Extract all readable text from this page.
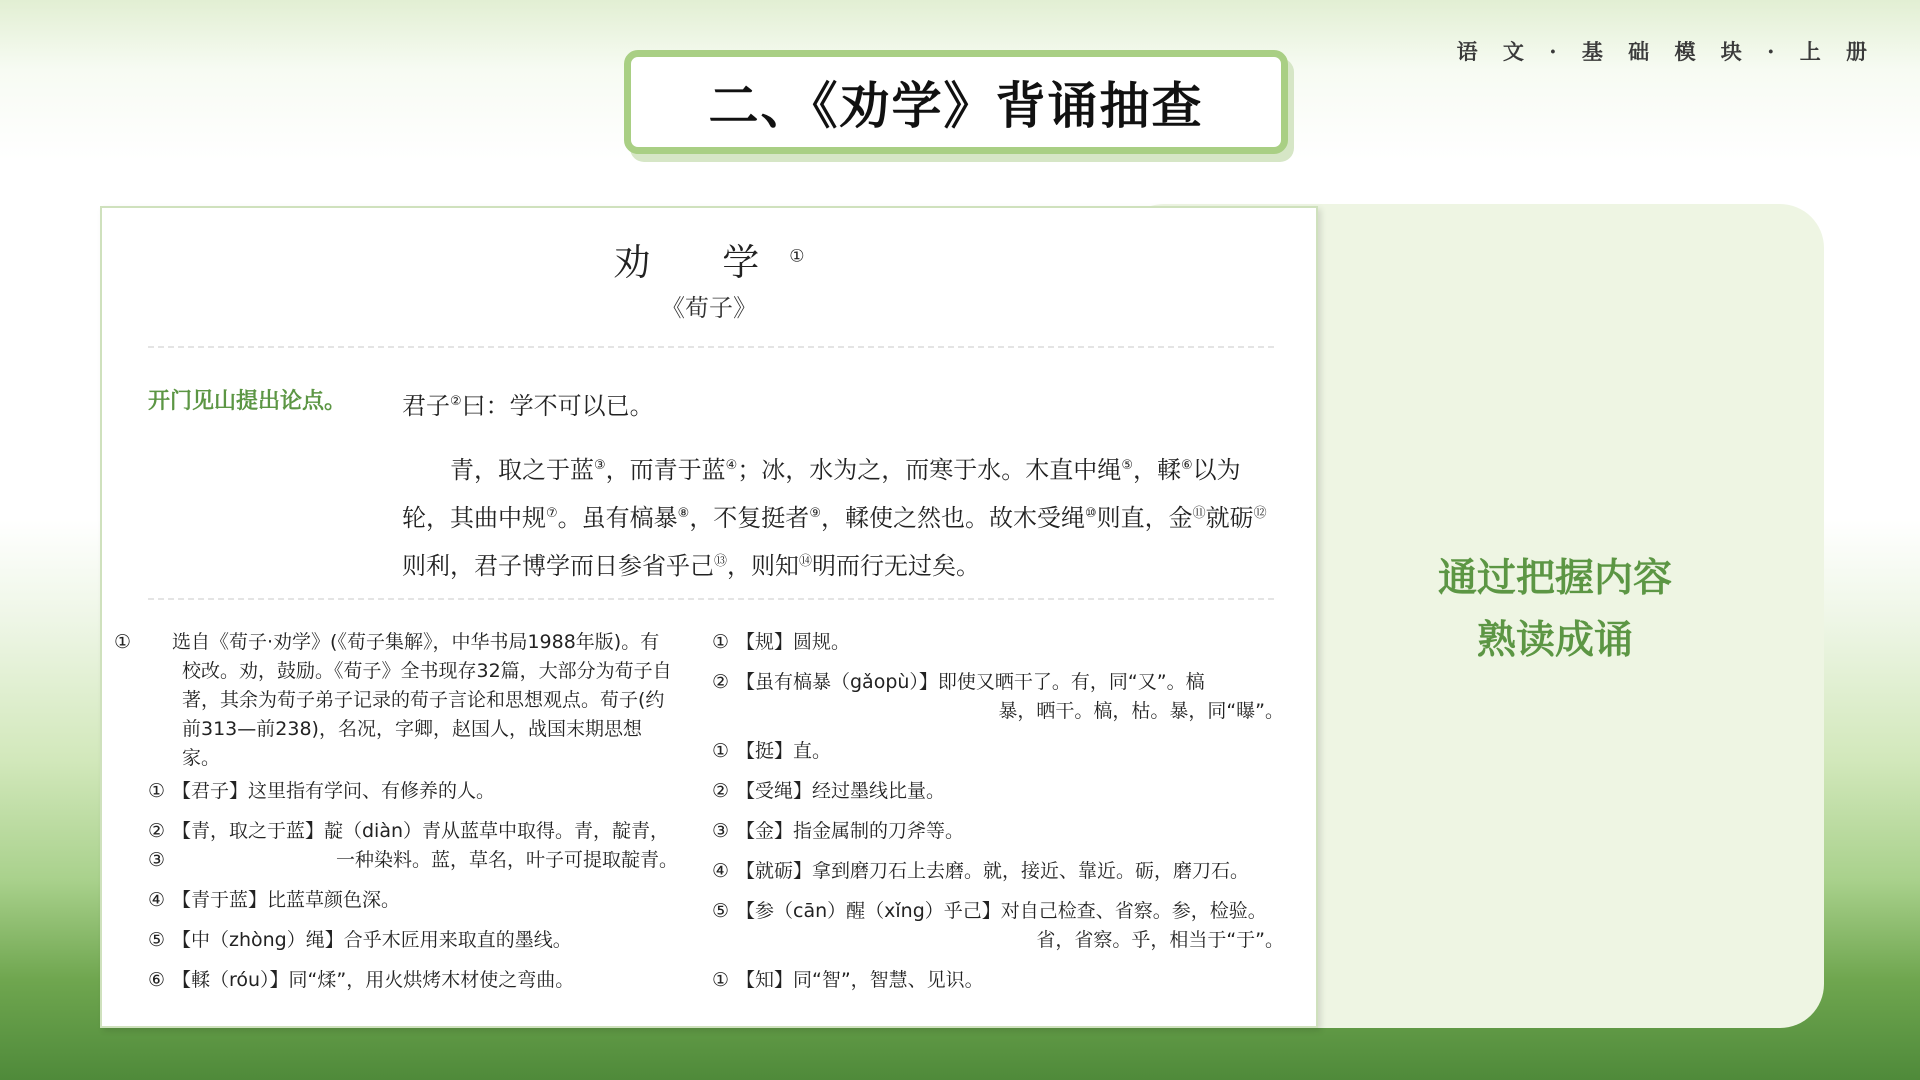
语 文 · 基 础 模 块 · 上 册
二、《劝学》背诵抽查
通过把握内容
熟读成诵
劝 学①
《荀子》
开门见山提出论点。 君子②曰：学不可以已。
青，取之于蓝③，而青于蓝④；冰，水为之，而寒于水。木直中绳⑤，輮⑥以为轮，其曲中规⑦。虽有槁暴⑧，不复挺者⑨，輮使之然也。故木受绳⑩则直，金⑪就砺⑫则利，君子博学而日参省乎己⑬，则知⑭明而行无过矣。
① 选自《荀子·劝学》(《荀子集解》，中华书局1988年版)。有校改。劝，鼓励。《荀子》全书现存32篇，大部分为荀子自著，其余为荀子弟子记录的荀子言论和思想观点。荀子(约前313—前238)，名况，字卿，赵国人，战国末期思想家。
① 【君子】这里指有学问、有修养的人。
② 【青，取之于蓝】靛（diàn）青从蓝草中取得。青，靛青，
③	一种染料。蓝，草名，叶子可提取靛青。
④ 【青于蓝】比蓝草颜色深。
⑤ 【中（zhòng）绳】合乎木匠用来取直的墨线。
⑥ 【輮（róu）】同“煣”，用火烘烤木材使之弯曲。
① 【规】圆规。
② 【虽有槁暴（gǎopù）】即使又晒干了。有，同“又”。槁
暴，晒干。槁，枯。暴，同“曝”。
① 【挺】直。
② 【受绳】经过墨线比量。
③ 【金】指金属制的刀斧等。
④ 【就砺】拿到磨刀石上去磨。就，接近、靠近。砺，磨刀石。
⑤ 【参（cān）醒（xǐng）乎己】对自己检查、省察。参，检验。
省，省察。乎，相当于“于”。
① 【知】同“智”，智慧、见识。
